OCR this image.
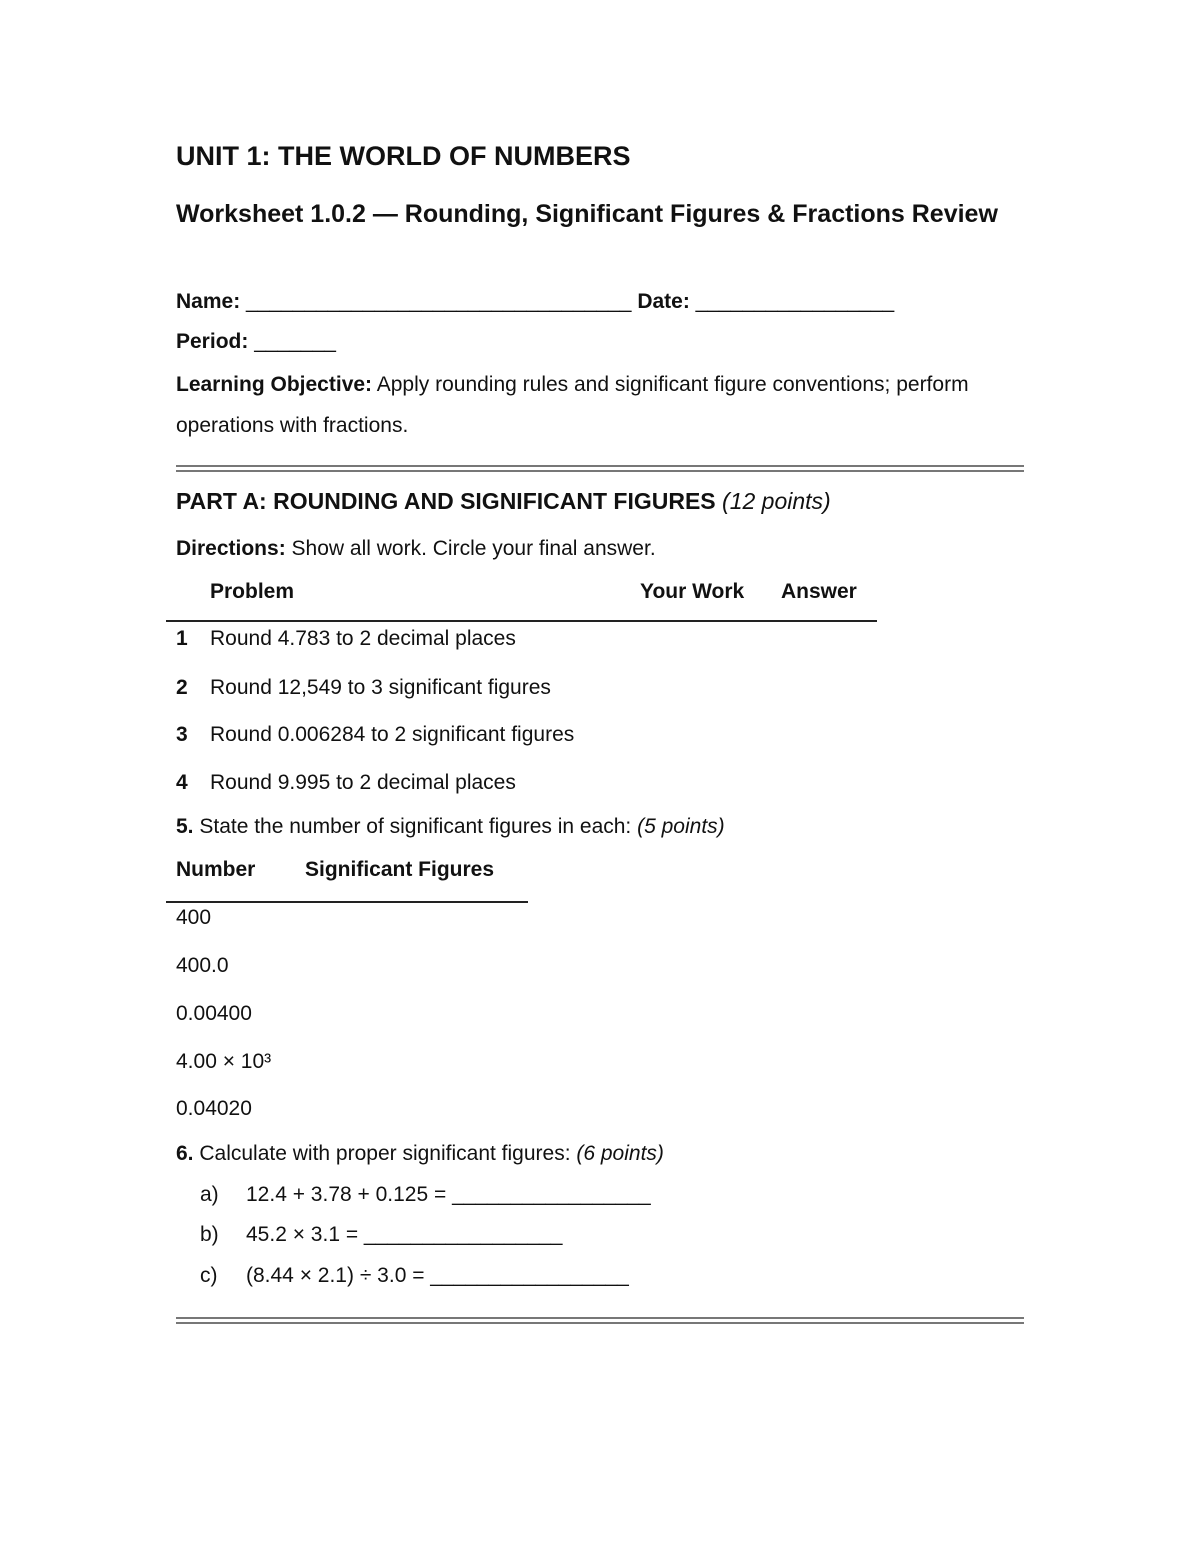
UNIT 1: THE WORLD OF NUMBERS
Worksheet 1.0.2 — Rounding, Significant Figures & Fractions Review
Name: _________________________________ Date: _________________
Period: _______
Learning Objective: Apply rounding rules and significant figure conventions; perform operations with fractions.
PART A: ROUNDING AND SIGNIFICANT FIGURES (12 points)
Directions: Show all work. Circle your final answer.
Problem	Your Work Answer
1 Round 4.783 to 2 decimal places
2 Round 12,549 to 3 significant figures
3 Round 0.006284 to 2 significant figures
4 Round 9.995 to 2 decimal places
5. State the number of significant figures in each: (5 points)
Number Significant Figures
400
400.0
0.00400
4.00 × 10³
0.04020
6. Calculate with proper significant figures: (6 points)
a) 12.4 + 3.78 + 0.125 = _________________
b) 45.2 × 3.1 = _________________
c) (8.44 × 2.1) ÷ 3.0 = _________________
